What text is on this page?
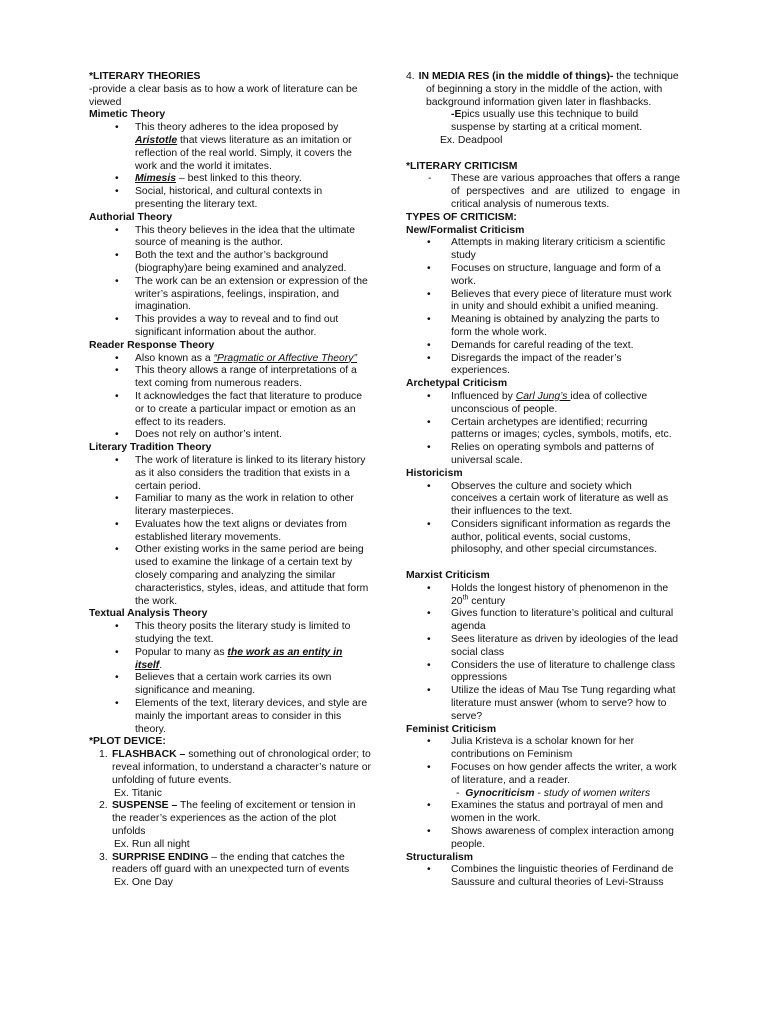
*LITERARY THEORIES

-provide a clear basis as to how a work of literature can be viewed

Mimetic Theory

• This theory adheres to the idea proposed by Aristotle that views literature as an imitation or reflection of the real world. Simply, it covers the work and the world it imitates.
• Mimesis – best linked to this theory.
• Social, historical, and cultural contexts in presenting the literary text.

Authorial Theory

• This theory believes in the idea that the ultimate source of meaning is the author.
• Both the text and the author’s background (biography)are being examined and analyzed.
• The work can be an extension or expression of the writer’s aspirations, feelings, inspiration, and imagination.
• This provides a way to reveal and to find out significant information about the author.

Reader Response Theory

• Also known as a “Pragmatic or Affective Theory”
• This theory allows a range of interpretations of a text coming from numerous readers.
• It acknowledges the fact that literature to produce or to create a particular impact or emotion as an effect to its readers.
• Does not rely on author’s intent.

Literary Tradition Theory

• The work of literature is linked to its literary history as it also considers the tradition that exists in a certain period.
• Familiar to many as the work in relation to other literary masterpieces.
• Evaluates how the text aligns or deviates from established literary movements.
• Other existing works in the same period are being used to examine the linkage of a certain text by closely comparing and analyzing the similar characteristics, styles, ideas, and attitude that form the work.

Textual Analysis Theory

• This theory posits the literary study is limited to studying the text.
• Popular to many as the work as an entity in itself.
• Believes that a certain work carries its own significance and meaning.
• Elements of the text, literary devices, and style are mainly the important areas to consider in this theory.

*PLOT DEVICE:

1. FLASHBACK – something out of chronological order; to reveal information, to understand a character’s nature or unfolding of future events.

Ex. Titanic

2. SUSPENSE – The feeling of excitement or tension in the reader’s experiences as the action of the plot unfolds

Ex. Run all night

3. SURPRISE ENDING – the ending that catches the readers off guard with an unexpected turn of events

Ex. One Day

4. IN MEDIA RES (in the middle of things)- the technique of beginning a story in the middle of the action, with background information given later in flashbacks.

-Epics usually use this technique to build suspense by starting at a critical moment.

Ex. Deadpool

*LITERARY CRITICISM

- These are various approaches that offers a range of perspectives and are utilized to engage in critical analysis of numerous texts.

TYPES OF CRITICISM:

New/Formalist Criticism

• Attempts in making literary criticism a scientific study
• Focuses on structure, language and form of a work.
• Believes that every piece of literature must work in unity and should exhibit a unified meaning.
• Meaning is obtained by analyzing the parts to form the whole work.
• Demands for careful reading of the text.
• Disregards the impact of the reader’s experiences.

Archetypal Criticism

• Influenced by Carl Jung’s idea of collective unconscious of people.
• Certain archetypes are identified; recurring patterns or images; cycles, symbols, motifs, etc.
• Relies on operating symbols and patterns of universal scale.

Historicism

• Observes the culture and society which conceives a certain work of literature as well as their influences to the text.
• Considers significant information as regards the author, political events, social customs, philosophy, and other special circumstances.

Marxist Criticism

• Holds the longest history of phenomenon in the 20th century
• Gives function to literature’s political and cultural agenda
• Sees literature as driven by ideologies of the lead social class
• Considers the use of literature to challenge class oppressions
• Utilize the ideas of Mau Tse Tung regarding what literature must answer (whom to serve? how to serve?

Feminist Criticism

• Julia Kristeva is a scholar known for her contributions on Feminism
• Focuses on how gender affects the writer, a work of literature, and a reader.

-  Gynocriticism - study of women writers

• Examines the status and portrayal of men and women in the work.
• Shows awareness of complex interaction among people.

Structuralism

• Combines the linguistic theories of Ferdinand de Saussure and cultural theories of Levi-Strauss
